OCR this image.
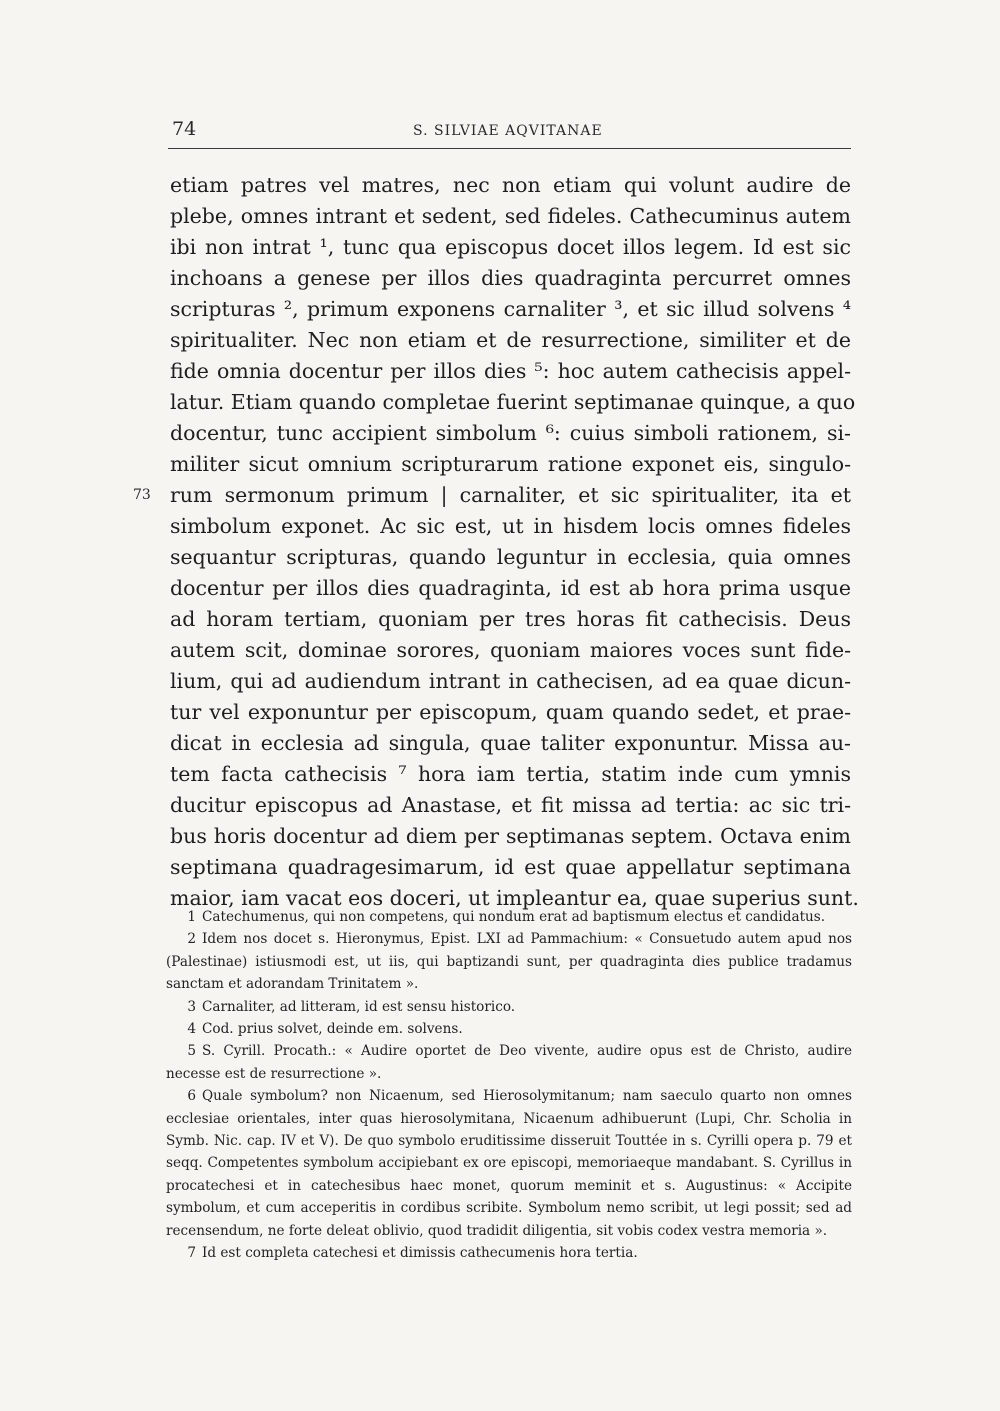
74	S. SILVIAE AQVITANAE
etiam patres vel matres, nec non etiam qui volunt audire de
plebe, omnes intrant et sedent, sed fideles. Cathecuminus autem
ibi non intrat ¹, tunc qua episcopus docet illos legem. Id est sic
inchoans a genese per illos dies quadraginta percurret omnes
scripturas ², primum exponens carnaliter ³, et sic illud solvens ⁴
spiritualiter. Nec non etiam et de resurrectione, similiter et de
fide omnia docentur per illos dies ⁵: hoc autem cathecisis appel-
latur. Etiam quando completae fuerint septimanae quinque, a quo
docentur, tunc accipient simbolum ⁶: cuius simboli rationem, si-
militer sicut omnium scripturarum ratione exponet eis, singulo-
73 rum sermonum primum | carnaliter, et sic spiritualiter, ita et
simbolum exponet. Ac sic est, ut in hisdem locis omnes fideles
sequantur scripturas, quando leguntur in ecclesia, quia omnes
docentur per illos dies quadraginta, id est ab hora prima usque
ad horam tertiam, quoniam per tres horas fit cathecisis. Deus
autem scit, dominae sorores, quoniam maiores voces sunt fide-
lium, qui ad audiendum intrant in cathecisen, ad ea quae dicun-
tur vel exponuntur per episcopum, quam quando sedet, et prae-
dicat in ecclesia ad singula, quae taliter exponuntur. Missa au-
tem facta cathecisis ⁷ hora iam tertia, statim inde cum ymnis
ducitur episcopus ad Anastase, et fit missa ad tertia: ac sic tri-
bus horis docentur ad diem per septimanas septem. Octava enim
septimana quadragesimarum, id est quae appellatur septimana
maior, iam vacat eos doceri, ut impleantur ea, quae superius sunt.
1 Catechumenus, qui non competens, qui nondum erat ad baptismum electus et candidatus.
2 Idem nos docet s. Hieronymus, Epist. LXI ad Pammachium: « Consuetudo autem apud nos (Palestinae) istiusmodi est, ut iis, qui baptizandi sunt, per quadraginta dies publice tradamus sanctam et adorandam Trinitatem ».
3 Carnaliter, ad litteram, id est sensu historico.
4 Cod. prius solvet, deinde em. solvens.
5 S. Cyrill. Procath.: « Audire oportet de Deo vivente, audire opus est de Christo, audire necesse est de resurrectione ».
6 Quale symbolum? non Nicaenum, sed Hierosolymitanum; nam saeculo quarto non omnes ecclesiae orientales, inter quas hierosolymitana, Nicaenum adhibuerunt (Lupi, Chr. Scholia in Symb. Nic. cap. IV et V). De quo symbolo eruditissime disseruit Touttée in s. Cyrilli opera p. 79 et seqq. Competentes symbolum accipiebant ex ore episcopi, memoriaeque mandabant. S. Cyrillus in procatechesi et in catechesibus haec monet, quorum meminit et s. Augustinus: « Accipite symbolum, et cum acceperitis in cordibus scribite. Symbolum nemo scribit, ut legi possit; sed ad recensendum, ne forte deleat oblivio, quod tradidit diligentia, sit vobis codex vestra memoria ».
7 Id est completa catechesi et dimissis cathecumenis hora tertia.
